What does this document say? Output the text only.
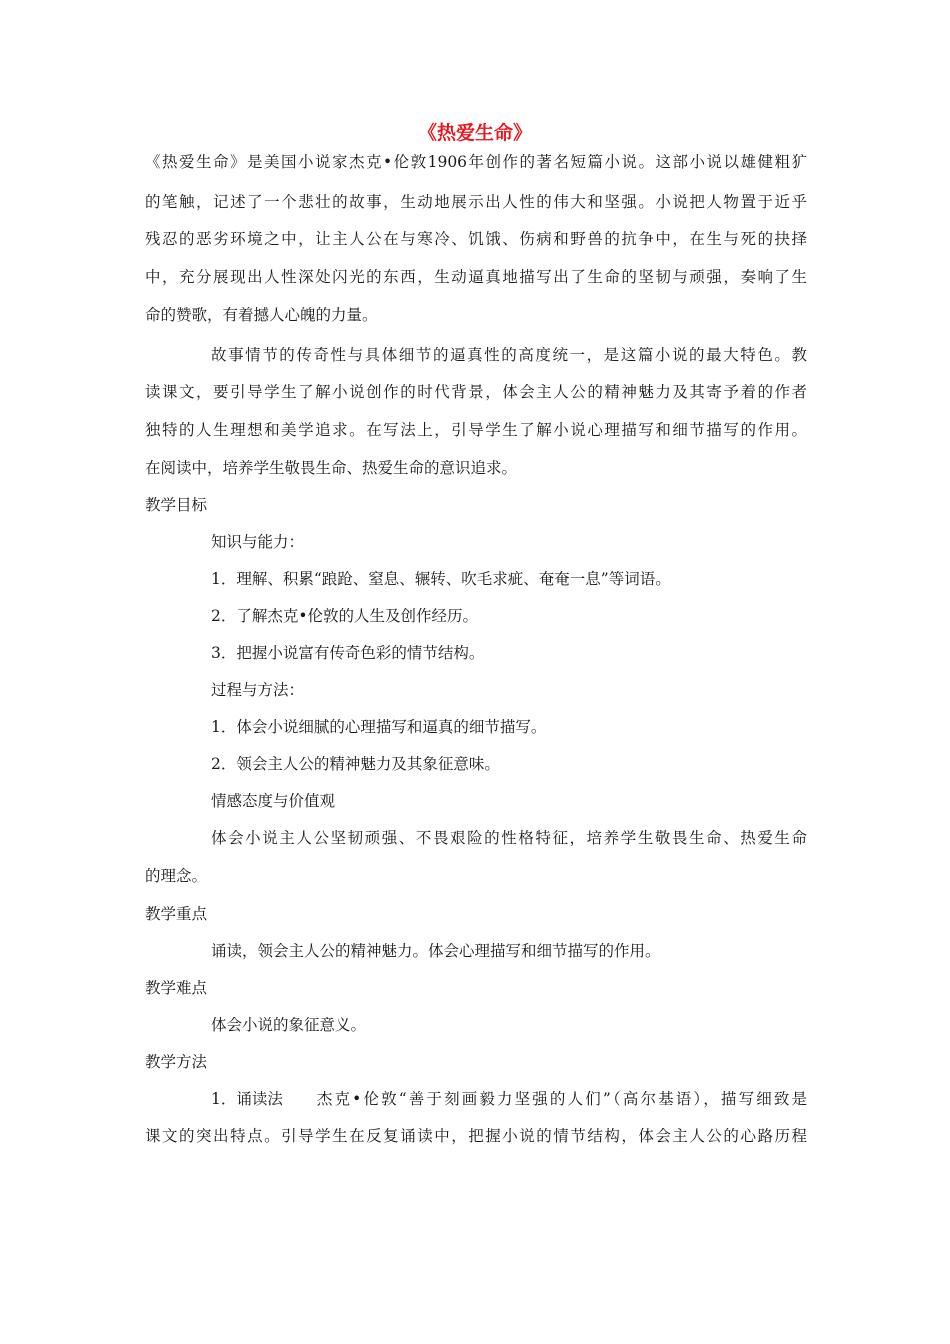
《热爱生命》
《热爱生命》是美国小说家杰克•伦敦1906年创作的著名短篇小说。这部小说以雄健粗犷
的笔触，记述了一个悲壮的故事，生动地展示出人性的伟大和坚强。小说把人物置于近乎
残忍的恶劣环境之中，让主人公在与寒冷、饥饿、伤病和野兽的抗争中，在生与死的抉择
中，充分展现出人性深处闪光的东西，生动逼真地描写出了生命的坚韧与顽强，奏响了生
命的赞歌，有着撼人心魄的力量。
故事情节的传奇性与具体细节的逼真性的高度统一，是这篇小说的最大特色。教
读课文，要引导学生了解小说创作的时代背景，体会主人公的精神魅力及其寄予着的作者
独特的人生理想和美学追求。在写法上，引导学生了解小说心理描写和细节描写的作用。
在阅读中，培养学生敬畏生命、热爱生命的意识追求。
教学目标
知识与能力：
1．理解、积累“踉跄、窒息、辗转、吹毛求疵、奄奄一息”等词语。
2．了解杰克•伦敦的人生及创作经历。
3．把握小说富有传奇色彩的情节结构。
过程与方法：
1．体会小说细腻的心理描写和逼真的细节描写。
2．领会主人公的精神魅力及其象征意味。
情感态度与价值观
体会小说主人公坚韧顽强、不畏艰险的性格特征，培养学生敬畏生命、热爱生命
的理念。
教学重点
诵读，领会主人公的精神魅力。体会心理描写和细节描写的作用。
教学难点
体会小说的象征意义。
教学方法
1．诵读法 杰克•伦敦“善于刻画毅力坚强的人们”（高尔基语），描写细致是
课文的突出特点。引导学生在反复诵读中，把握小说的情节结构，体会主人公的心路历程
